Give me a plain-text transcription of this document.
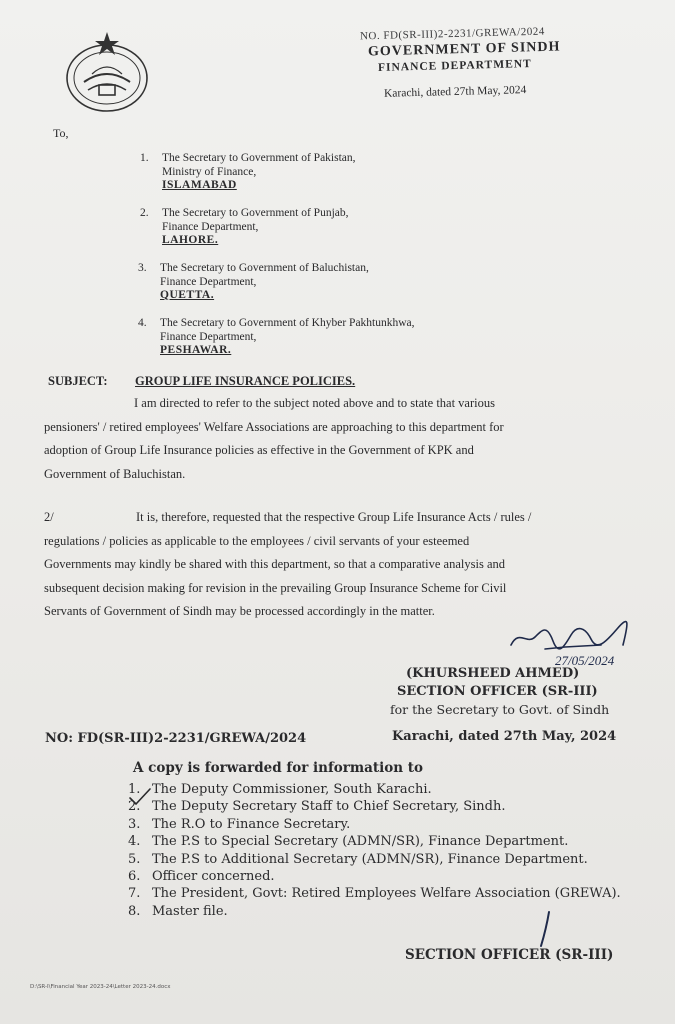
NO. FD(SR-III)2-2231/GREWA/2024
GOVERNMENT OF SINDH
FINANCE DEPARTMENT
Karachi, dated 27th May, 2024
To,
1. The Secretary to Government of Pakistan,
Ministry of Finance,
ISLAMABAD
2. The Secretary to Government of Punjab,
Finance Department,
LAHORE.
3. The Secretary to Government of Baluchistan,
Finance Department,
QUETTA.
4. The Secretary to Government of Khyber Pakhtunkhwa,
Finance Department,
PESHAWAR.
SUBJECT: GROUP LIFE INSURANCE POLICIES.
I am directed to refer to the subject noted above and to state that various
pensioners' / retired employees' Welfare Associations are approaching to this department for
adoption of Group Life Insurance policies as effective in the Government of KPK and
Government of Baluchistan.
2/	It is, therefore, requested that the respective Group Life Insurance Acts / rules /
regulations / policies as applicable to the employees / civil servants of your esteemed
Governments may kindly be shared with this department, so that a comparative analysis and
subsequent decision making for revision in the prevailing Group Insurance Scheme for Civil
Servants of Government of Sindh may be processed accordingly in the matter.
27/05/2024
(KHURSHEED AHMED)
SECTION OFFICER (SR-III)
for the Secretary to Govt. of Sindh
NO: FD(SR-III)2-2231/GREWA/2024	Karachi, dated 27th May, 2024
A copy is forwarded for information to
1. The Deputy Commissioner, South Karachi.
2. The Deputy Secretary Staff to Chief Secretary, Sindh.
3. The R.O to Finance Secretary.
4. The P.S to Special Secretary (ADMN/SR), Finance Department.
5. The P.S to Additional Secretary (ADMN/SR), Finance Department.
6. Officer concerned.
7. The President, Govt: Retired Employees Welfare Association (GREWA).
8. Master file.
SECTION OFFICER (SR-III)
D:\SR-I\Financial Year 2023-24\Letter 2023-24.docx
